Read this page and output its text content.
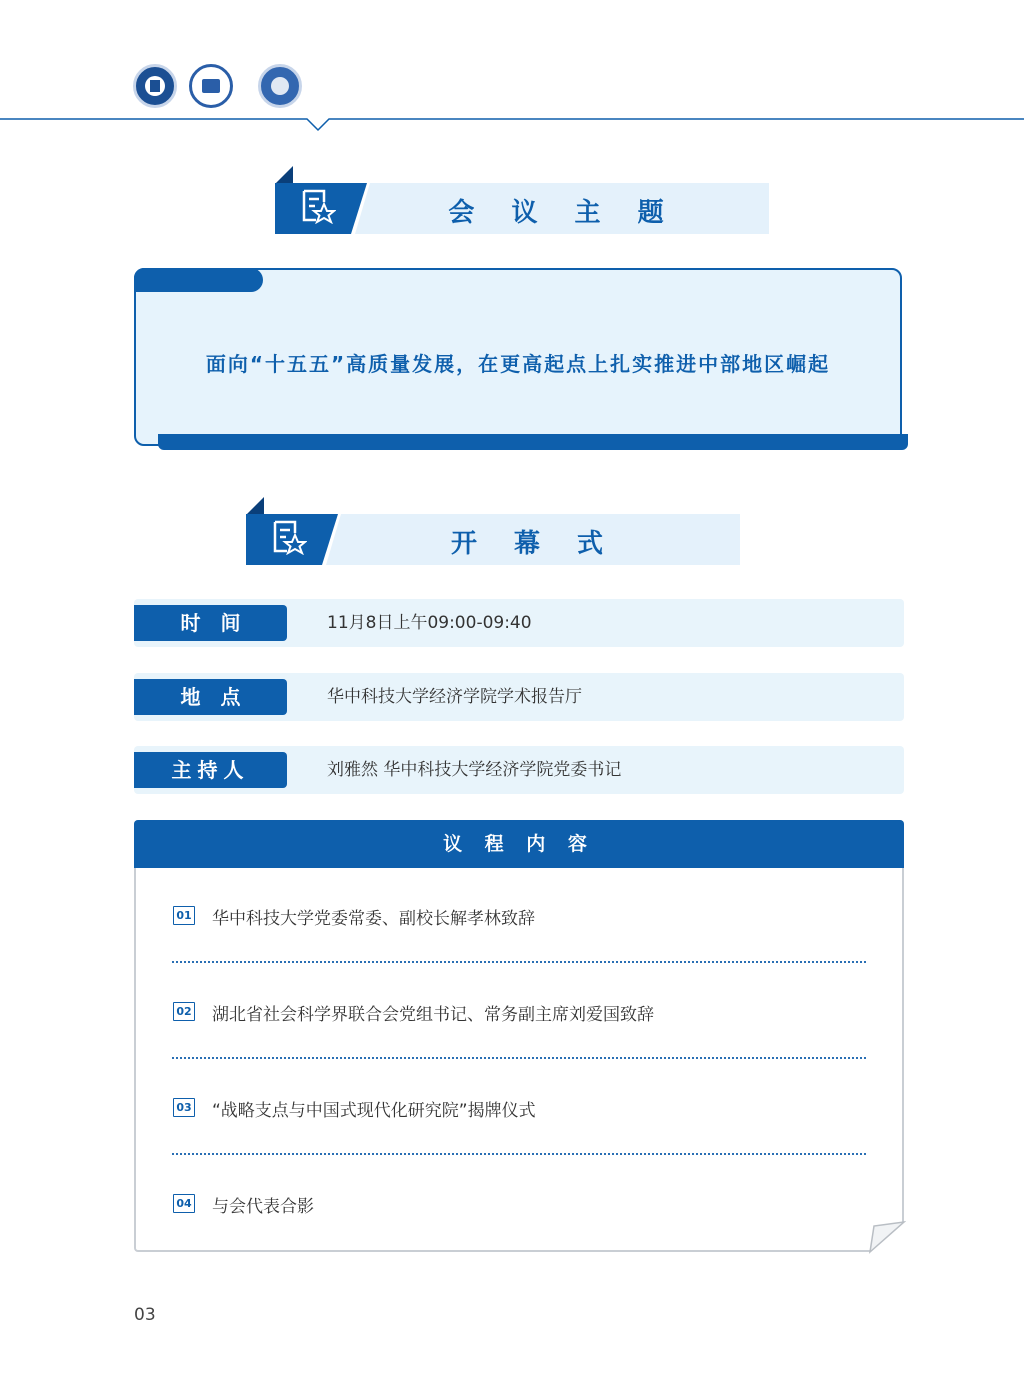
会 议 主 题
面向“十五五”高质量发展，在更高起点上扎实推进中部地区崛起
开 幕 式
时　间	11月8日上午09:00-09:40
地　点	华中科技大学经济学院学术报告厅
主持人	刘雅然 华中科技大学经济学院党委书记
议 程 内 容
01 华中科技大学党委常委、副校长解孝林致辞
02 湖北省社会科学界联合会党组书记、常务副主席刘爱国致辞
03 “战略支点与中国式现代化研究院”揭牌仪式
04 与会代表合影
03
